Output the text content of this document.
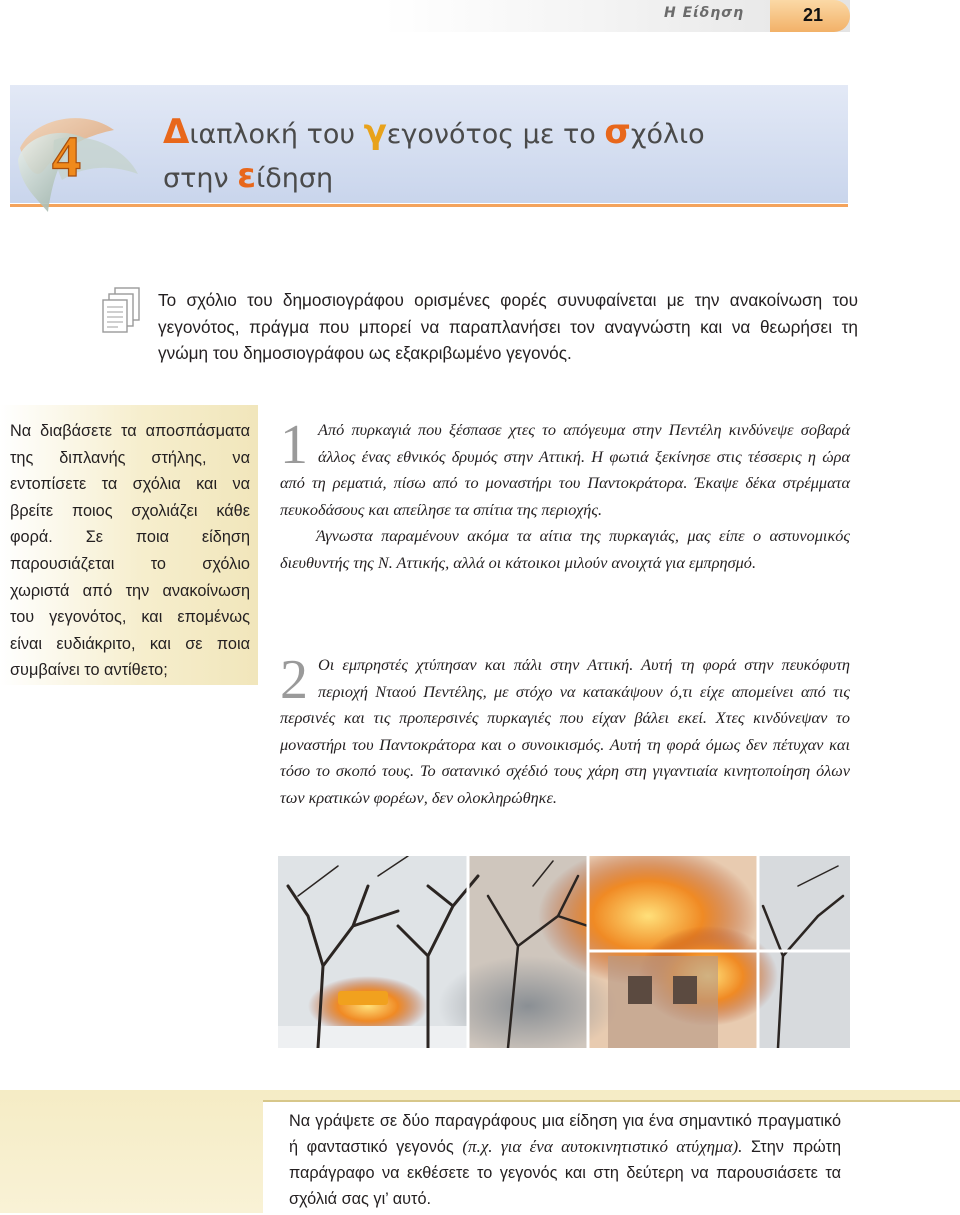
Η Είδηση	21
4 Διαπλοκή του γεγονότος με το σχόλιο
στην είδηση
Το σχόλιο του δημοσιογράφου ορισμένες φορές συνυφαίνεται με την ανακοίνωση του γεγονότος, πράγμα που μπορεί να παραπλανήσει τον αναγνώστη και να θεωρήσει τη γνώμη του δημοσιογράφου ως εξακριβωμένο γεγονός.
Να διαβάσετε τα αποσπάσματα της διπλανής στήλης, να εντοπίσετε τα σχόλια και να βρείτε ποιος σχολιάζει κάθε φορά. Σε ποια είδηση παρουσιάζεται το σχόλιο χωριστά από την ανακοίνωση του γεγονότος, και επομένως είναι ευδιάκριτο, και σε ποια συμβαίνει το αντίθετο;
1 Από πυρκαγιά που ξέσπασε χτες το απόγευμα στην Πεντέλη κινδύνεψε σοβαρά άλλος ένας εθνικός δρυμός στην Αττική. Η φωτιά ξεκίνησε στις τέσσερις η ώρα από τη ρεματιά, πίσω από το μοναστήρι του Παντοκράτορα. Έκαψε δέκα στρέμματα πευκοδάσους και απείλησε τα σπίτια της περιοχής.

Άγνωστα παραμένουν ακόμα τα αίτια της πυρκαγιάς, μας είπε ο αστυνομικός διευθυντής της Ν. Αττικής, αλλά οι κάτοικοι μιλούν ανοιχτά για εμπρησμό.

2 Οι εμπρηστές χτύπησαν και πάλι στην Αττική. Αυτή τη φορά στην πευκόφυτη περιοχή Νταού Πεντέλης, με στόχο να κατακάψουν ό,τι είχε απομείνει από τις περσινές και τις προπερσινές πυρκαγιές που είχαν βάλει εκεί. Χτες κινδύνεψαν το μοναστήρι του Παντοκράτορα και ο συνοικισμός. Αυτή τη φορά όμως δεν πέτυχαν και τόσο το σκοπό τους. Το σατανικό σχέδιό τους χάρη στη γιγαντιαία κινητοποίηση όλων των κρατικών φορέων, δεν ολοκληρώθηκε.

Να γράψετε σε δύο παραγράφους μια είδηση για ένα σημαντικό πραγματικό ή φανταστικό γεγονός (π.χ. για ένα αυτοκινητιστικό ατύχημα). Στην πρώτη παράγραφο να εκθέσετε το γεγονός και στη δεύτερη να παρουσιάσετε τα σχόλιά σας γι’ αυτό.
